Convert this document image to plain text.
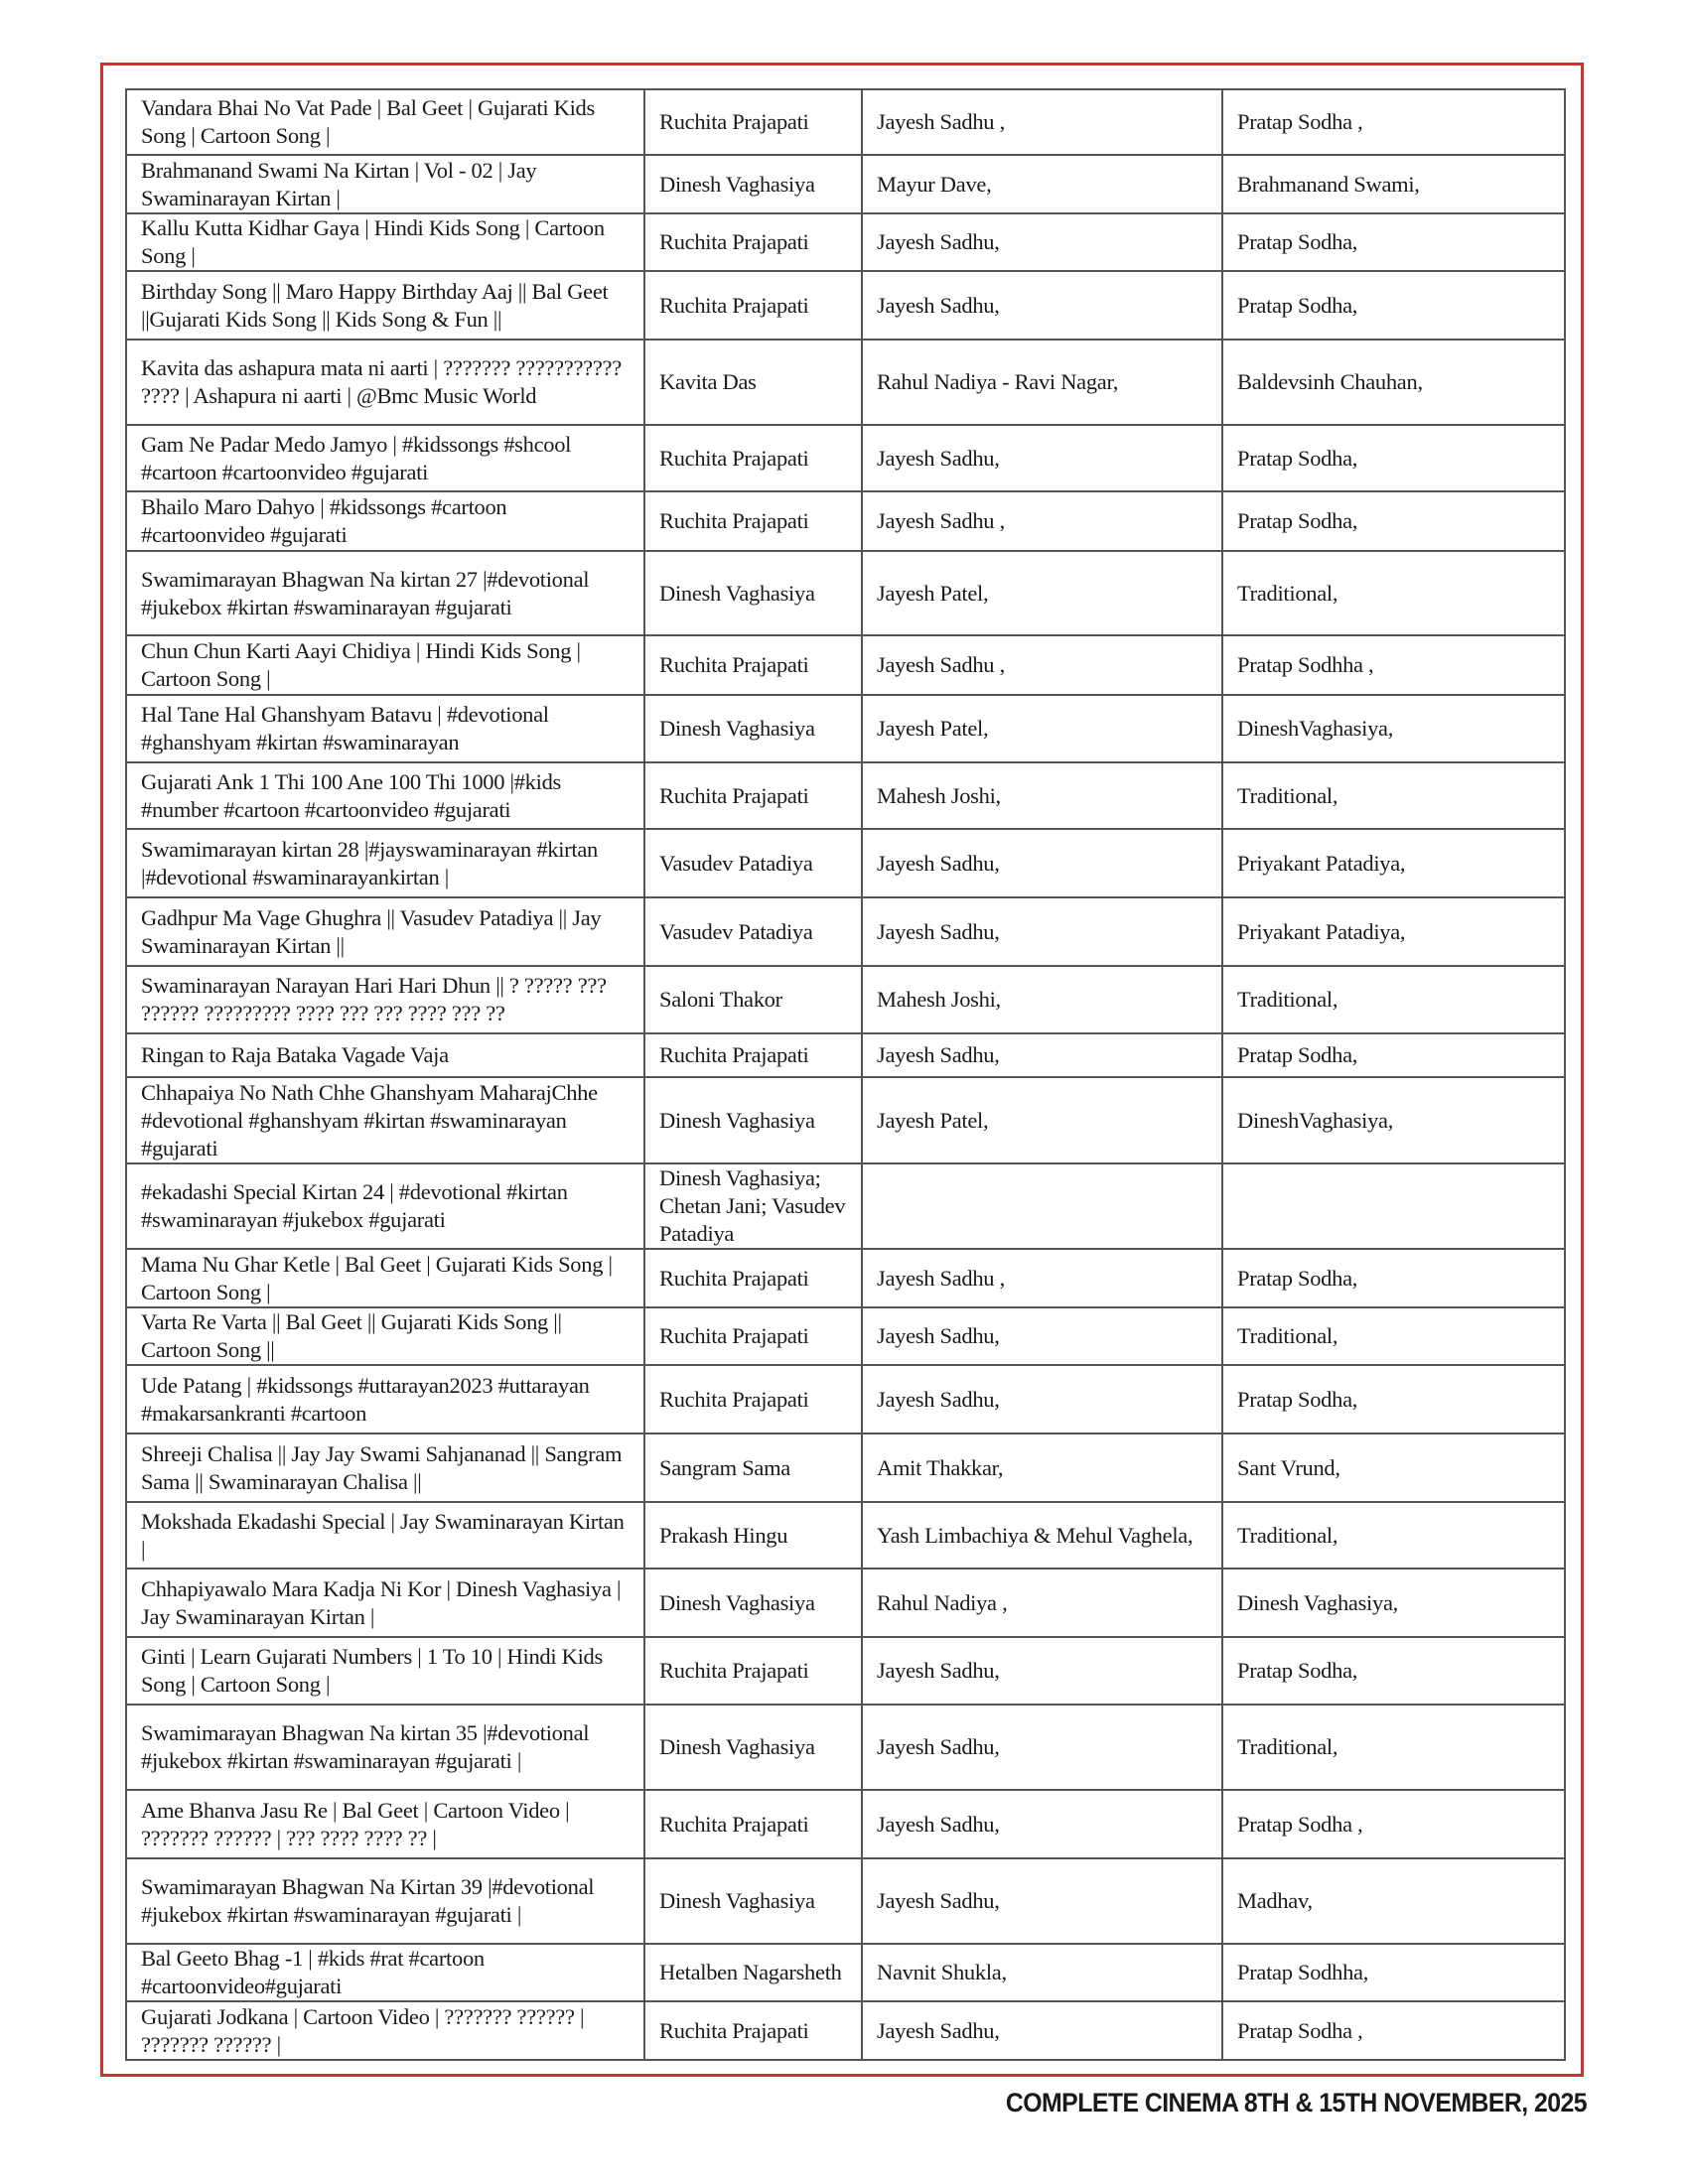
Vandara Bhai No Vat Pade | Bal Geet | Gujarati Kids Song | Cartoon Song |	Ruchita Prajapati	Jayesh Sadhu ,	Pratap Sodha ,
Brahmanand Swami Na Kirtan | Vol - 02 | Jay Swaminarayan Kirtan |	Dinesh Vaghasiya	Mayur Dave,	Brahmanand Swami,
Kallu Kutta Kidhar Gaya | Hindi Kids Song | Cartoon Song |	Ruchita Prajapati	Jayesh Sadhu,	Pratap Sodha,
Birthday Song || Maro Happy Birthday Aaj || Bal Geet ||Gujarati Kids Song || Kids Song & Fun ||	Ruchita Prajapati	Jayesh Sadhu,	Pratap Sodha,
Kavita das ashapura mata ni aarti | ??????? ??????????? ???? | Ashapura ni aarti | @Bmc Music World	Kavita Das	Rahul Nadiya - Ravi Nagar,	Baldevsinh Chauhan,
Gam Ne Padar Medo Jamyo | #kidssongs #shcool #cartoon #cartoonvideo #gujarati	Ruchita Prajapati	Jayesh Sadhu,	Pratap Sodha,
Bhailo Maro Dahyo | #kidssongs #cartoon #cartoonvideo #gujarati	Ruchita Prajapati	Jayesh Sadhu ,	Pratap Sodha,
Swamimarayan Bhagwan Na kirtan 27 |#devotional #jukebox #kirtan #swaminarayan #gujarati	Dinesh Vaghasiya	Jayesh Patel,	Traditional,
Chun Chun Karti Aayi Chidiya | Hindi Kids Song | Cartoon Song |	Ruchita Prajapati	Jayesh Sadhu ,	Pratap Sodhha ,
Hal Tane Hal Ghanshyam Batavu | #devotional #ghanshyam #kirtan #swaminarayan	Dinesh Vaghasiya	Jayesh Patel,	DineshVaghasiya,
Gujarati Ank 1 Thi 100 Ane 100 Thi 1000 |#kids #number #cartoon #cartoonvideo #gujarati	Ruchita Prajapati	Mahesh Joshi,	Traditional,
Swamimarayan kirtan 28 |#jayswaminarayan #kirtan |#devotional #swaminarayankirtan |	Vasudev Patadiya	Jayesh Sadhu,	Priyakant Patadiya,
Gadhpur Ma Vage Ghughra || Vasudev Patadiya || Jay Swaminarayan Kirtan ||	Vasudev Patadiya	Jayesh Sadhu,	Priyakant Patadiya,
Swaminarayan Narayan Hari Hari Dhun || ? ????? ??? ?????? ????????? ???? ??? ??? ???? ??? ??	Saloni Thakor	Mahesh Joshi,	Traditional,
Ringan to Raja Bataka Vagade Vaja	Ruchita Prajapati	Jayesh Sadhu,	Pratap Sodha,
Chhapaiya No Nath Chhe Ghanshyam MaharajChhe #devotional #ghanshyam #kirtan #swaminarayan #gujarati	Dinesh Vaghasiya	Jayesh Patel,	DineshVaghasiya,
#ekadashi Special Kirtan 24 | #devotional #kirtan #swaminarayan #jukebox #gujarati	Dinesh Vaghasiya; Chetan Jani; Vasudev Patadiya		
Mama Nu Ghar Ketle | Bal Geet | Gujarati Kids Song | Cartoon Song |	Ruchita Prajapati	Jayesh Sadhu ,	Pratap Sodha,
Varta Re Varta || Bal Geet || Gujarati Kids Song || Cartoon Song ||	Ruchita Prajapati	Jayesh Sadhu,	Traditional,
Ude Patang | #kidssongs #uttarayan2023 #uttarayan #makarsankranti #cartoon	Ruchita Prajapati	Jayesh Sadhu,	Pratap Sodha,
Shreeji Chalisa || Jay Jay Swami Sahjananad || Sangram Sama || Swaminarayan Chalisa ||	Sangram Sama	Amit Thakkar,	Sant Vrund,
Mokshada Ekadashi Special | Jay Swaminarayan Kirtan |	Prakash Hingu	Yash Limbachiya & Mehul Vaghela,	Traditional,
Chhapiyawalo Mara Kadja Ni Kor | Dinesh Vaghasiya | Jay Swaminarayan Kirtan |	Dinesh Vaghasiya	Rahul Nadiya ,	Dinesh Vaghasiya,
Ginti | Learn Gujarati Numbers | 1 To 10 | Hindi Kids Song | Cartoon Song |	Ruchita Prajapati	Jayesh Sadhu,	Pratap Sodha,
Swamimarayan Bhagwan Na kirtan 35 |#devotional #jukebox #kirtan #swaminarayan #gujarati |	Dinesh Vaghasiya	Jayesh Sadhu,	Traditional,
Ame Bhanva Jasu Re | Bal Geet | Cartoon Video | ??????? ?????? | ??? ???? ???? ?? |	Ruchita Prajapati	Jayesh Sadhu,	Pratap Sodha ,
Swamimarayan Bhagwan Na Kirtan 39 |#devotional #jukebox #kirtan #swaminarayan #gujarati |	Dinesh Vaghasiya	Jayesh Sadhu,	Madhav,
Bal Geeto Bhag -1 | #kids #rat #cartoon #cartoonvideo#gujarati	Hetalben Nagarsheth	Navnit Shukla,	Pratap Sodhha,
Gujarati Jodkana | Cartoon Video | ??????? ?????? | ??????? ?????? |	Ruchita Prajapati	Jayesh Sadhu,	Pratap Sodha ,
COMPLETE CINEMA 8TH & 15TH NOVEMBER, 2025
